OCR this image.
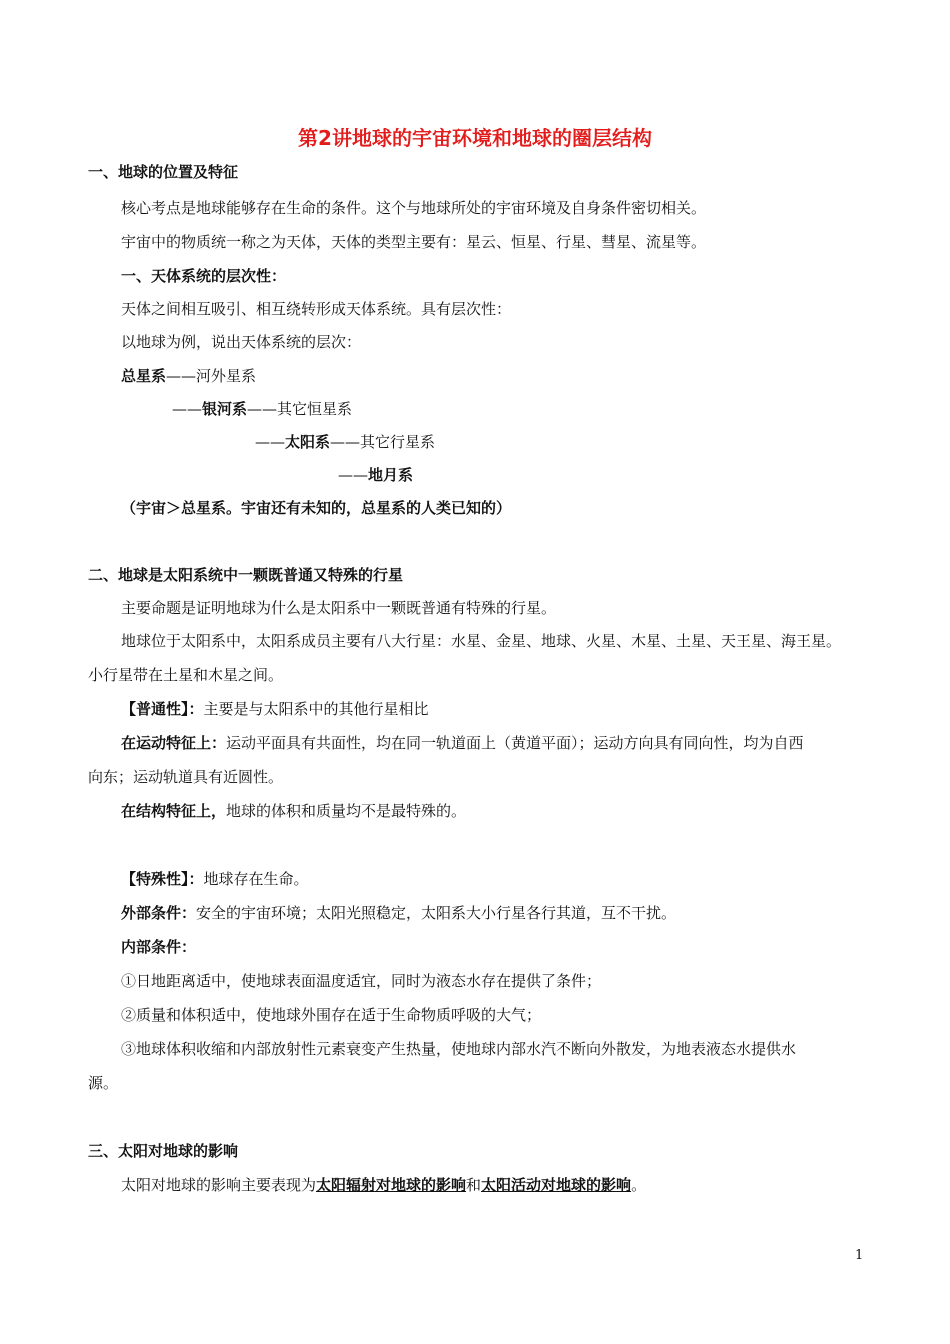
第2讲地球的宇宙环境和地球的圈层结构
一、地球的位置及特征
核心考点是地球能够存在生命的条件。这个与地球所处的宇宙环境及自身条件密切相关。
宇宙中的物质统一称之为天体，天体的类型主要有：星云、恒星、行星、彗星、流星等。
一、天体系统的层次性：
天体之间相互吸引、相互绕转形成天体系统。具有层次性：
以地球为例，说出天体系统的层次：
总星系——河外星系
——银河系——其它恒星系
——太阳系——其它行星系
——地月系
（宇宙＞总星系。宇宙还有未知的，总星系的人类已知的）
二、地球是太阳系统中一颗既普通又特殊的行星
主要命题是证明地球为什么是太阳系中一颗既普通有特殊的行星。
地球位于太阳系中，太阳系成员主要有八大行星：水星、金星、地球、火星、木星、土星、天王星、海王星。
小行星带在土星和木星之间。
【普通性】：主要是与太阳系中的其他行星相比
在运动特征上：运动平面具有共面性，均在同一轨道面上（黄道平面）；运动方向具有同向性，均为自西
向东；运动轨道具有近圆性。
在结构特征上，地球的体积和质量均不是最特殊的。
【特殊性】：地球存在生命。
外部条件：安全的宇宙环境；太阳光照稳定，太阳系大小行星各行其道，互不干扰。
内部条件：
①日地距离适中，使地球表面温度适宜，同时为液态水存在提供了条件；
②质量和体积适中，使地球外围存在适于生命物质呼吸的大气；
③地球体积收缩和内部放射性元素衰变产生热量，使地球内部水汽不断向外散发，为地表液态水提供水
源。
三、太阳对地球的影响
太阳对地球的影响主要表现为太阳辐射对地球的影响和太阳活动对地球的影响。
1
